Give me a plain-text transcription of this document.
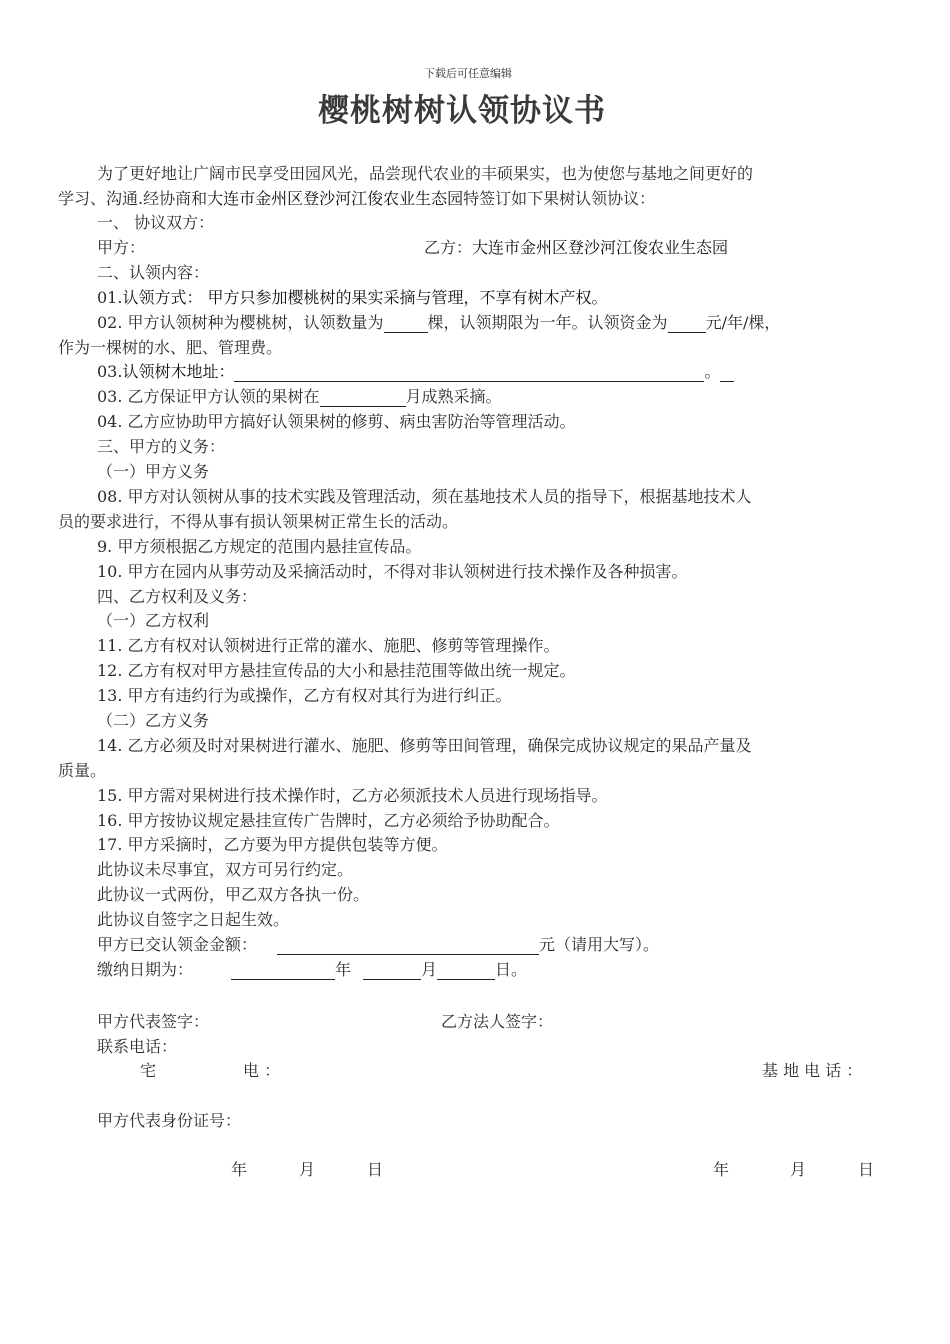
下载后可任意编辑
樱桃树树认领协议书
为了更好地让广阔市民享受田园风光，品尝现代农业的丰硕果实，也为使您与基地之间更好的
学习、沟通.经协商和大连市金州区登沙河江俊农业生态园特签订如下果树认领协议：
一、 协议双方：
甲方：	乙方：大连市金州区登沙河江俊农业生态园
二、认领内容：
01.认领方式： 甲方只参加樱桃树的果实采摘与管理，不享有树木产权。
02. 甲方认领树种为樱桃树，认领数量为	棵，认领期限为一年。认领资金为 元/年/棵，
作为一棵树的水、肥、管理费。
03.认领树木地址：	。
03. 乙方保证甲方认领的果树在	月成熟采摘。
04. 乙方应协助甲方搞好认领果树的修剪、病虫害防治等管理活动。
三、甲方的义务：
（一）甲方义务
08. 甲方对认领树从事的技术实践及管理活动，须在基地技术人员的指导下，根据基地技术人
员的要求进行，不得从事有损认领果树正常生长的活动。
9. 甲方须根据乙方规定的范围内悬挂宣传品。
10. 甲方在园内从事劳动及采摘活动时，不得对非认领树进行技术操作及各种损害。
四、乙方权利及义务：
（一）乙方权利
11. 乙方有权对认领树进行正常的灌水、施肥、修剪等管理操作。
12. 乙方有权对甲方悬挂宣传品的大小和悬挂范围等做出统一规定。
13. 甲方有违约行为或操作，乙方有权对其行为进行纠正。
（二）乙方义务
14. 乙方必须及时对果树进行灌水、施肥、修剪等田间管理，确保完成协议规定的果品产量及
质量。
15. 甲方需对果树进行技术操作时，乙方必须派技术人员进行现场指导。
16. 甲方按协议规定悬挂宣传广告牌时，乙方必须给予协助配合。
17. 甲方采摘时，乙方要为甲方提供包装等方便。
此协议未尽事宜，双方可另行约定。
此协议一式两份，甲乙双方各执一份。
此协议自签字之日起生效。
甲方已交认领金金额：	元（请用大写）。
缴纳日期为：	年	月	日。
甲方代表签字：	乙方法人签字：
联系电话：
宅	电 ：	基 地 电 话 ：
甲方代表身份证号：
年	月	日	年	月	日
